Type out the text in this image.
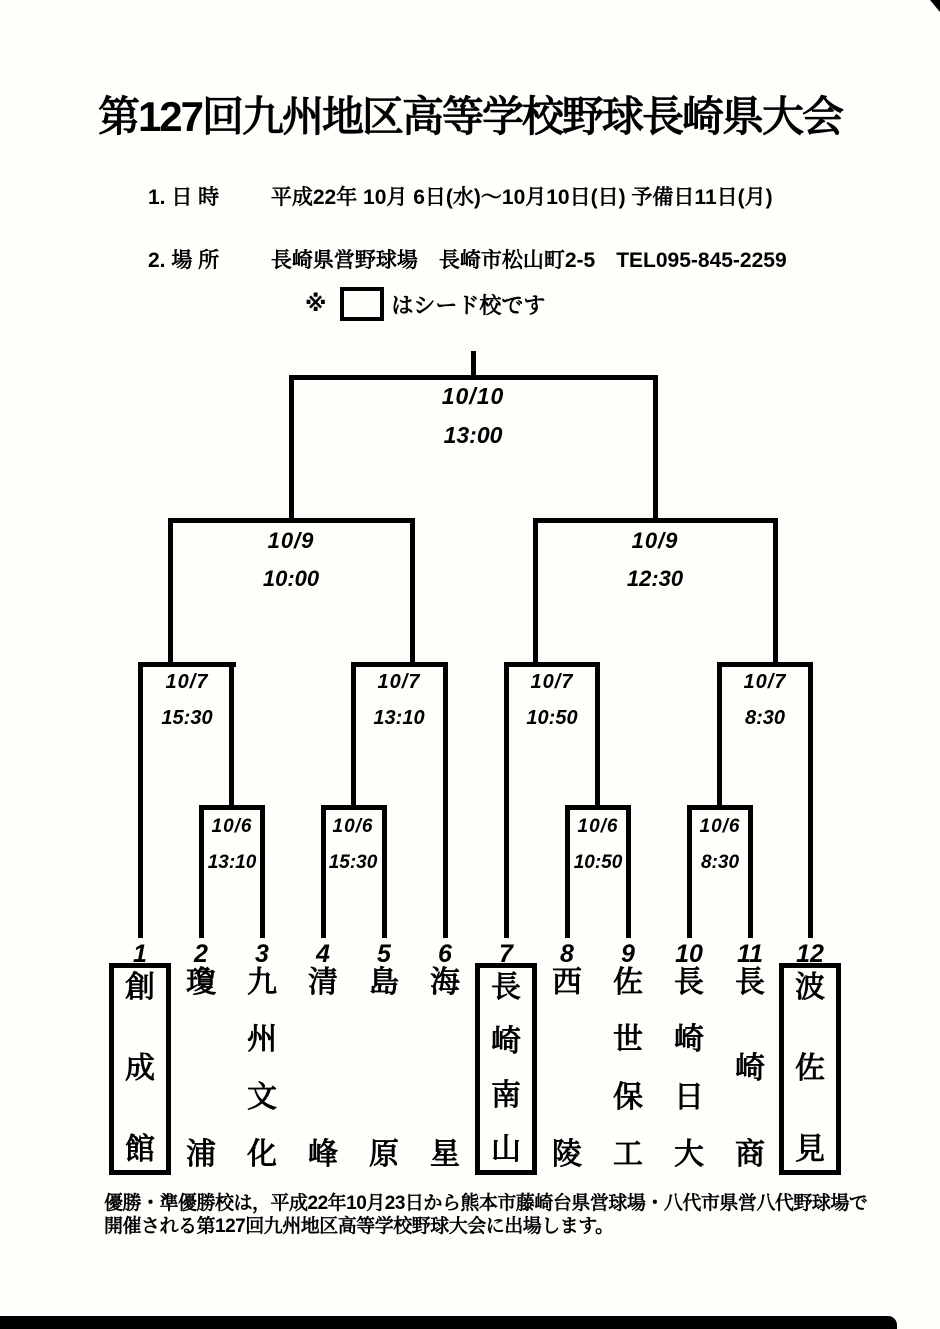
第127回九州地区高等学校野球長崎県大会
1. 日 時 平成22年 10月 6日(水)～10月10日(日) 予備日11日(月)
2. 場 所 長崎県営野球場　長崎市松山町2-5　TEL095-845-2259
※	はシード校です
10/10
13:00
10/9
10:00
10/9
12:30
10/7
15:30
10/7
13:10
10/7
10:50
10/7
8:30
10/6
13:10
10/6
15:30
10/6
10:50
10/6
8:30
1	2	3	4	5	6	7	8	9	10	11	12
創
成
館
瓊
浦
九
州
文
化
清
峰
島
原
海
星
長
崎
南
山
西
陵
佐
世
保
工
長
崎
日
大
長
崎
商
波
佐
見
優勝・準優勝校は，平成22年10月23日から熊本市藤崎台県営球場・八代市県営八代野球場で
開催される第127回九州地区高等学校野球大会に出場します。
